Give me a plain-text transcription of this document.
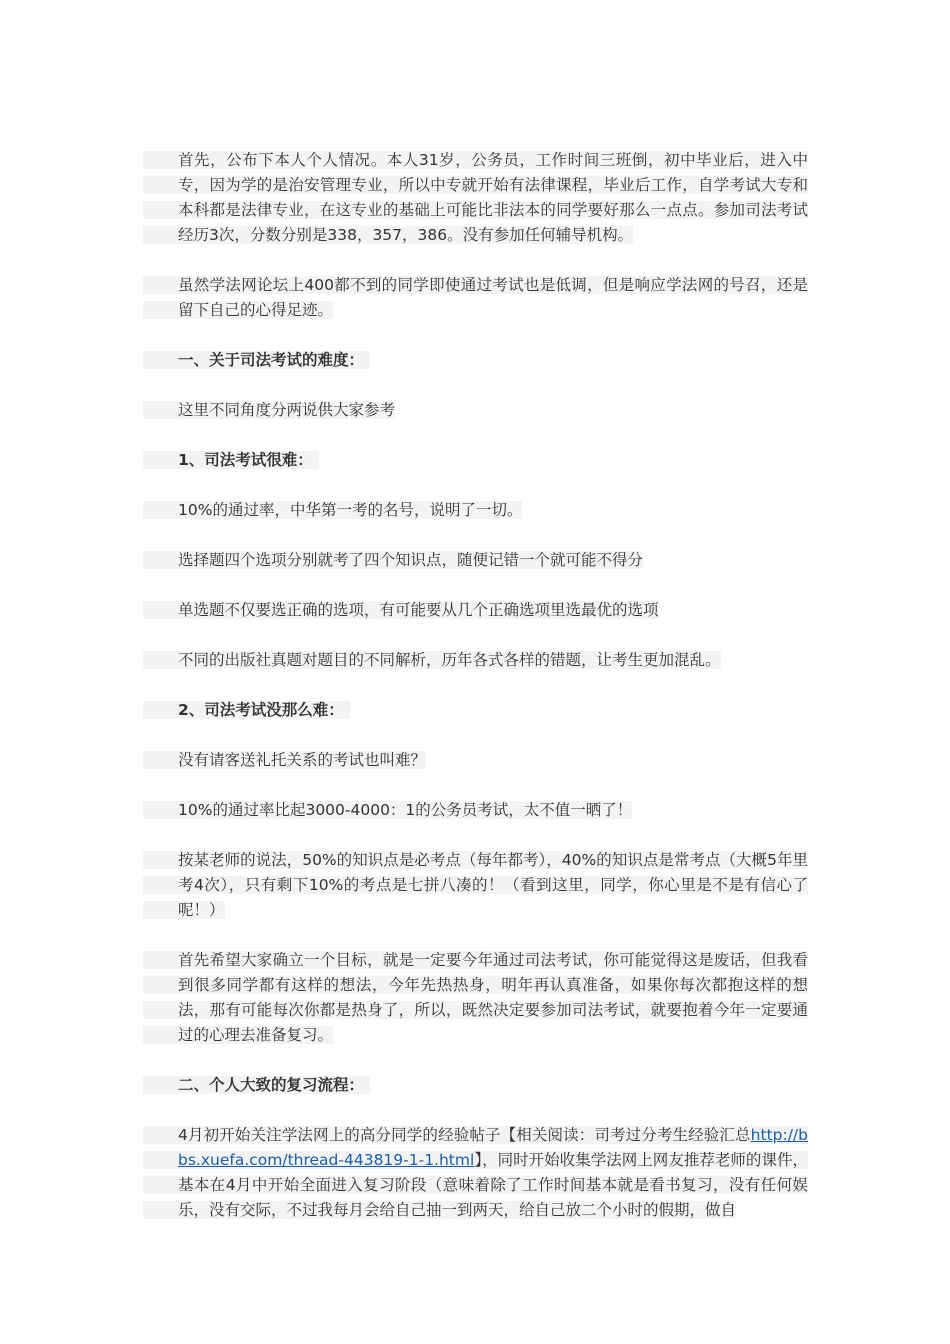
首先，公布下本人个人情况。本人31岁，公务员，工作时间三班倒，初中毕业后，进入中专，因为学的是治安管理专业，所以中专就开始有法律课程，毕业后工作，自学考试大专和本科都是法律专业，在这专业的基础上可能比非法本的同学要好那么一点点。参加司法考试经历3次，分数分别是338，357，386。没有参加任何辅导机构。

虽然学法网论坛上400都不到的同学即使通过考试也是低调，但是响应学法网的号召，还是留下自己的心得足迹。

一、关于司法考试的难度：

这里不同角度分两说供大家参考

1、司法考试很难：

10%的通过率，中华第一考的名号，说明了一切。

选择题四个选项分别就考了四个知识点，随便记错一个就可能不得分

单选题不仅要选正确的选项，有可能要从几个正确选项里选最优的选项

不同的出版社真题对题目的不同解析，历年各式各样的错题，让考生更加混乱。

2、司法考试没那么难：

没有请客送礼托关系的考试也叫难？

10%的通过率比起3000-4000：1的公务员考试，太不值一晒了！

按某老师的说法，50%的知识点是必考点（每年都考），40%的知识点是常考点（大概5年里考4次），只有剩下10%的考点是七拼八凑的！（看到这里，同学，你心里是不是有信心了呢！）

首先希望大家确立一个目标，就是一定要今年通过司法考试，你可能觉得这是废话，但我看到很多同学都有这样的想法，今年先热热身，明年再认真准备，如果你每次都抱这样的想法，那有可能每次你都是热身了，所以，既然决定要参加司法考试，就要抱着今年一定要通过的心理去准备复习。

二、个人大致的复习流程：

4月初开始关注学法网上的高分同学的经验帖子【相关阅读：司考过分考生经验汇总http://bbs.xuefa.com/thread-443819-1-1.html】，同时开始收集学法网上网友推荐老师的课件，基本在4月中开始全面进入复习阶段（意味着除了工作时间基本就是看书复习，没有任何娱乐，没有交际，不过我每月会给自己抽一到两天，给自己放二个小时的假期，做自
